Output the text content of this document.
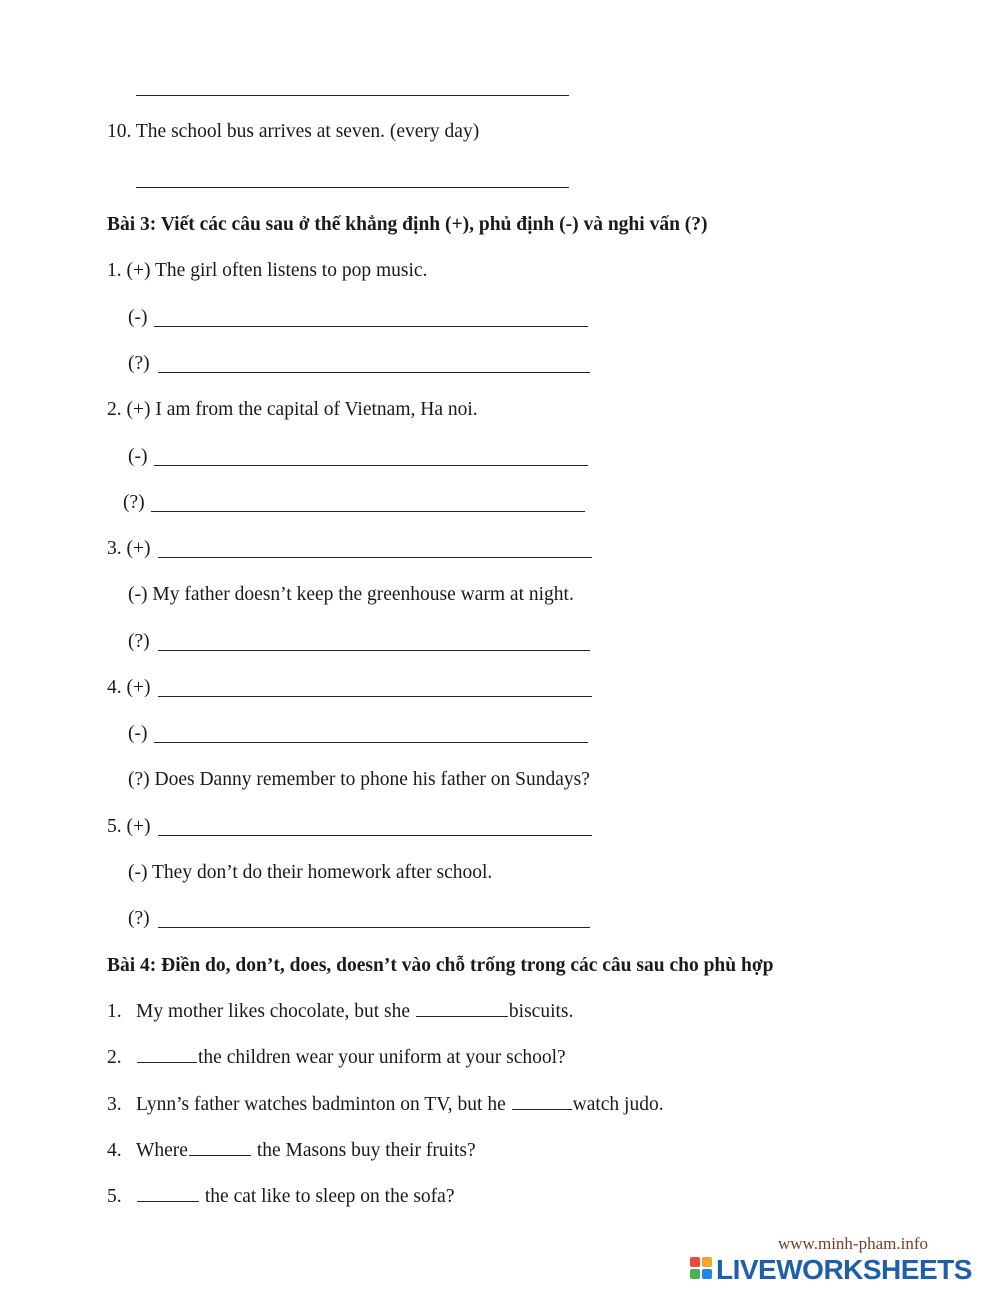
10. The school bus arrives at seven. (every day)
Bài 3: Viết các câu sau ở thế khẳng định (+), phủ định (-) và nghi vấn (?)
1. (+) The girl often listens to pop music.
(-)
(?)
2. (+) I am from the capital of Vietnam, Ha noi.
(-)
(?)
3. (+)
(-) My father doesn’t keep the greenhouse warm at night.
(?)
4. (+)
(-)
(?) Does Danny remember to phone his father on Sundays?
5. (+)
(-) They don’t do their homework after school.
(?)
Bài 4: Điền do, don’t, does, doesn’t vào chỗ trống trong các câu sau cho phù hợp
1. My mother likes chocolate, but she	biscuits.
2.	the children wear your uniform at your school?
3. Lynn’s father watches badminton on TV, but he	watch judo.
4. Where	the Masons buy their fruits?
5.	the cat like to sleep on the sofa?
www.minh-pham.info
LIVEWORKSHEETS
